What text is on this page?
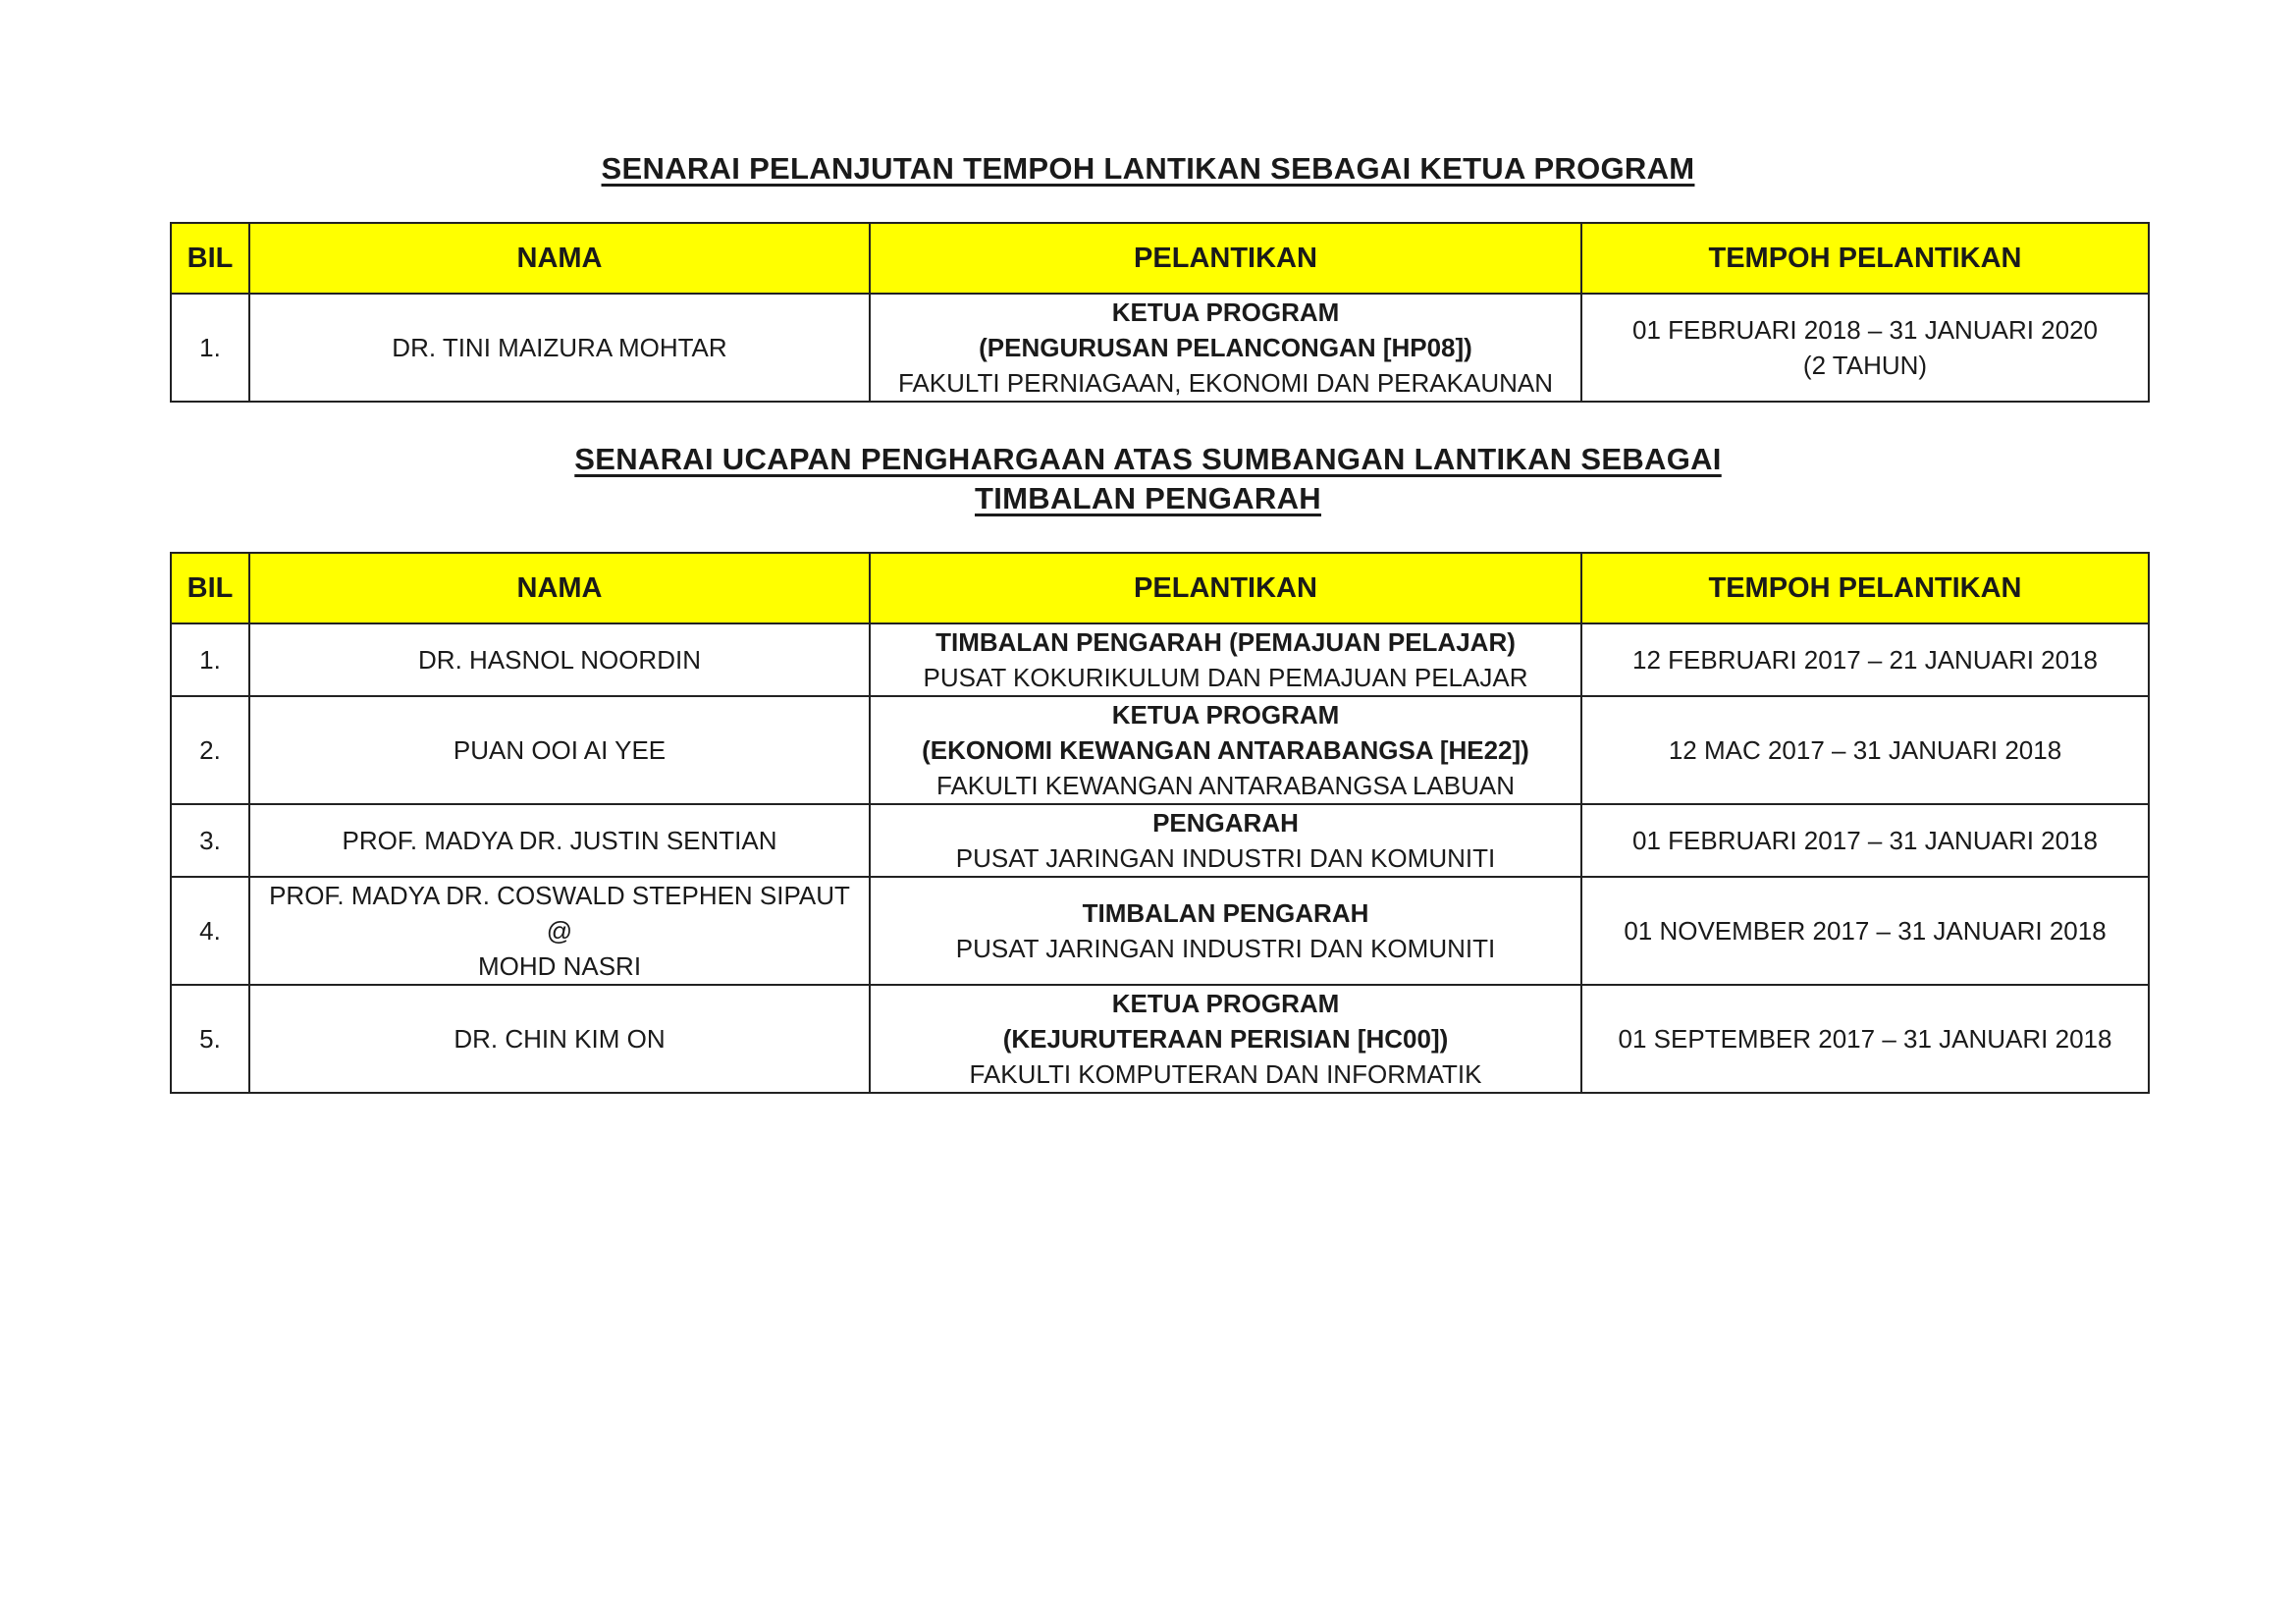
SENARAI PELANJUTAN TEMPOH LANTIKAN SEBAGAI KETUA PROGRAM
BIL	NAMA	PELANTIKAN	TEMPOH PELANTIKAN
1.	DR. TINI MAIZURA MOHTAR	KETUA PROGRAM
(PENGURUSAN PELANCONGAN [HP08])
FAKULTI PERNIAGAAN, EKONOMI DAN PERAKAUNAN	01 FEBRUARI 2018 – 31 JANUARI 2020
(2 TAHUN)
SENARAI UCAPAN PENGHARGAAN ATAS SUMBANGAN LANTIKAN SEBAGAI
TIMBALAN PENGARAH
BIL	NAMA	PELANTIKAN	TEMPOH PELANTIKAN
1.	DR. HASNOL NOORDIN	TIMBALAN PENGARAH (PEMAJUAN PELAJAR)
PUSAT KOKURIKULUM DAN PEMAJUAN PELAJAR	12 FEBRUARI 2017 – 21 JANUARI 2018
2.	PUAN OOI AI YEE	KETUA PROGRAM
(EKONOMI KEWANGAN ANTARABANGSA [HE22])
FAKULTI KEWANGAN ANTARABANGSA LABUAN	12 MAC 2017 – 31 JANUARI 2018
3.	PROF. MADYA DR. JUSTIN SENTIAN	PENGARAH
PUSAT JARINGAN INDUSTRI DAN KOMUNITI	01 FEBRUARI 2017 – 31 JANUARI 2018
4.	PROF. MADYA DR. COSWALD STEPHEN SIPAUT @
MOHD NASRI	TIMBALAN PENGARAH
PUSAT JARINGAN INDUSTRI DAN KOMUNITI	01 NOVEMBER 2017 – 31 JANUARI 2018
5.	DR. CHIN KIM ON	KETUA PROGRAM
(KEJURUTERAAN PERISIAN [HC00])
FAKULTI KOMPUTERAN DAN INFORMATIK	01 SEPTEMBER 2017 – 31 JANUARI 2018
